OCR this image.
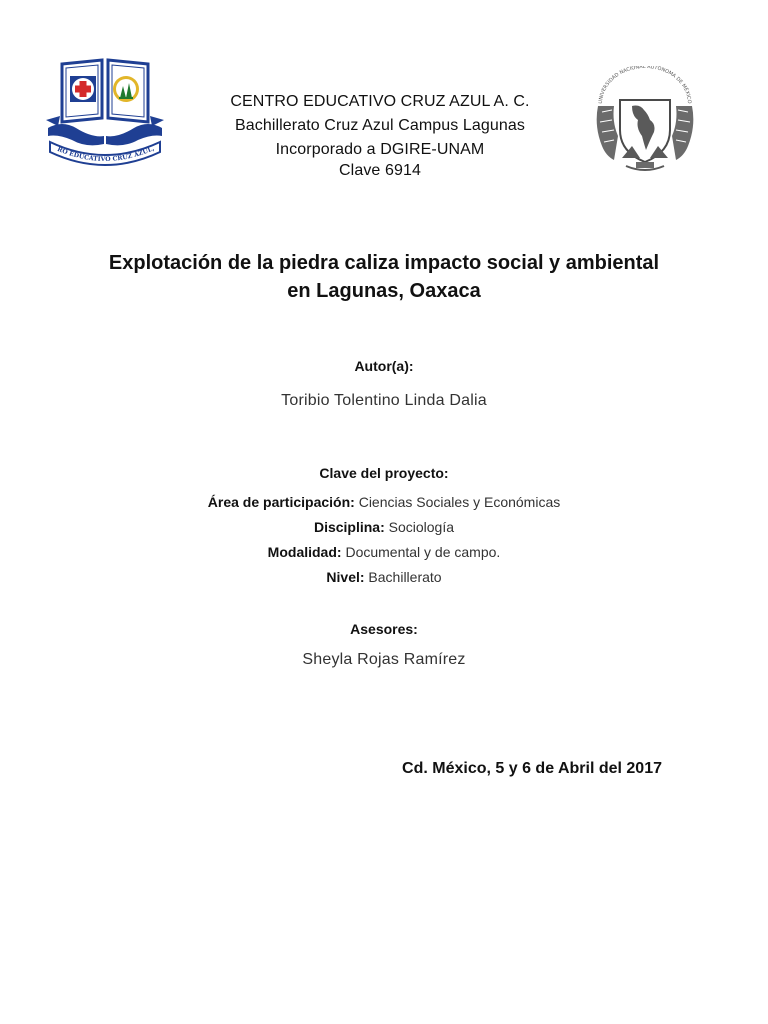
RO EDUCATIVO CRUZ AZUL,
CENTRO EDUCATIVO CRUZ AZUL A. C.
Bachillerato Cruz Azul Campus Lagunas
Incorporado a DGIRE-UNAM
Clave 6914
UNIVERSIDAD NACIONAL AUTÓNOMA DE MÉXICO
Explotación de la piedra caliza impacto social y ambiental
en Lagunas, Oaxaca
Autor(a):
Toribio Tolentino Linda Dalia
Clave del proyecto:
Área de participación: Ciencias Sociales y Económicas
Disciplina: Sociología
Modalidad: Documental y de campo.
Nivel: Bachillerato
Asesores:
Sheyla Rojas Ramírez
Cd. México, 5 y 6 de Abril del 2017
